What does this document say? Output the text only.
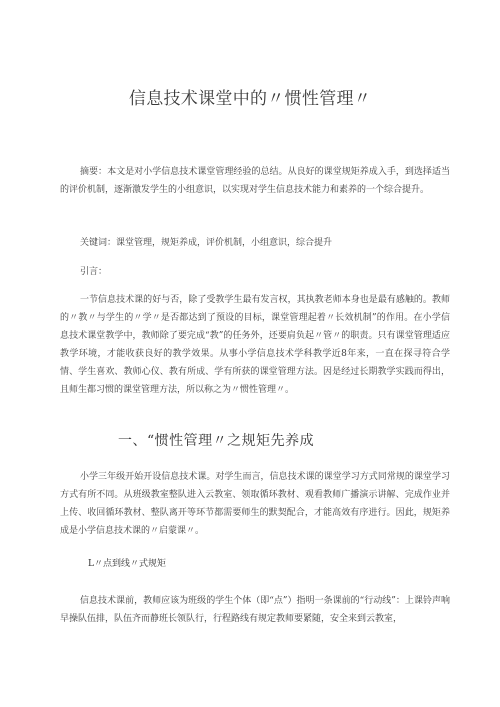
信息技术课堂中的〃惯性管理〃

摘要：本文是对小学信息技术课堂管理经验的总结。从良好的课堂规矩养成入手，到选择适当的评价机制，逐渐激发学生的小组意识，以实现对学生信息技术能力和素养的一个综合提升。

关键词：课堂管理，规矩养成，评价机制，小组意识，综合提升

引言：

一节信息技术课的好与否，除了受教学生最有发言权，其执教老师本身也是最有感触的。教师的〃教〃与学生的〃学〃是否都达到了预设的目标，课堂管理起着〃长效机制”的作用。在小学信息技术课堂教学中，教师除了要完成“教”的任务外，还要肩负起〃管〃的职责。只有课堂管理适应教学环境，才能收获良好的教学效果。从事小学信息技术学科教学近8年来，一直在探寻符合学情、学生喜欢、教师心仪、教有所成、学有所获的课堂管理方法。因是经过长期教学实践而得出，且师生都习惯的课堂管理方法，所以称之为〃惯性管理〃。

一、“惯性管理〃之规矩先养成

小学三年级开始开设信息技术课。对学生而言，信息技术课的课堂学习方式同常规的课堂学习方式有所不同。从班级教室整队进入云教室、领取循环教材、观看教师广播演示讲解、完成作业并上传、收回循环教材、整队离开等环节都需要师生的默契配合，才能高效有序进行。因此，规矩养成是小学信息技术课的〃启蒙课〃。

L〃点到线〃式规矩

信息技术课前，教师应该为班级的学生个体（即“点”）指明一条课前的“行动线”：上课铃声响早操队伍排，队伍齐而静班长领队行，行程路线有规定教师要紧随，安全来到云教室，
